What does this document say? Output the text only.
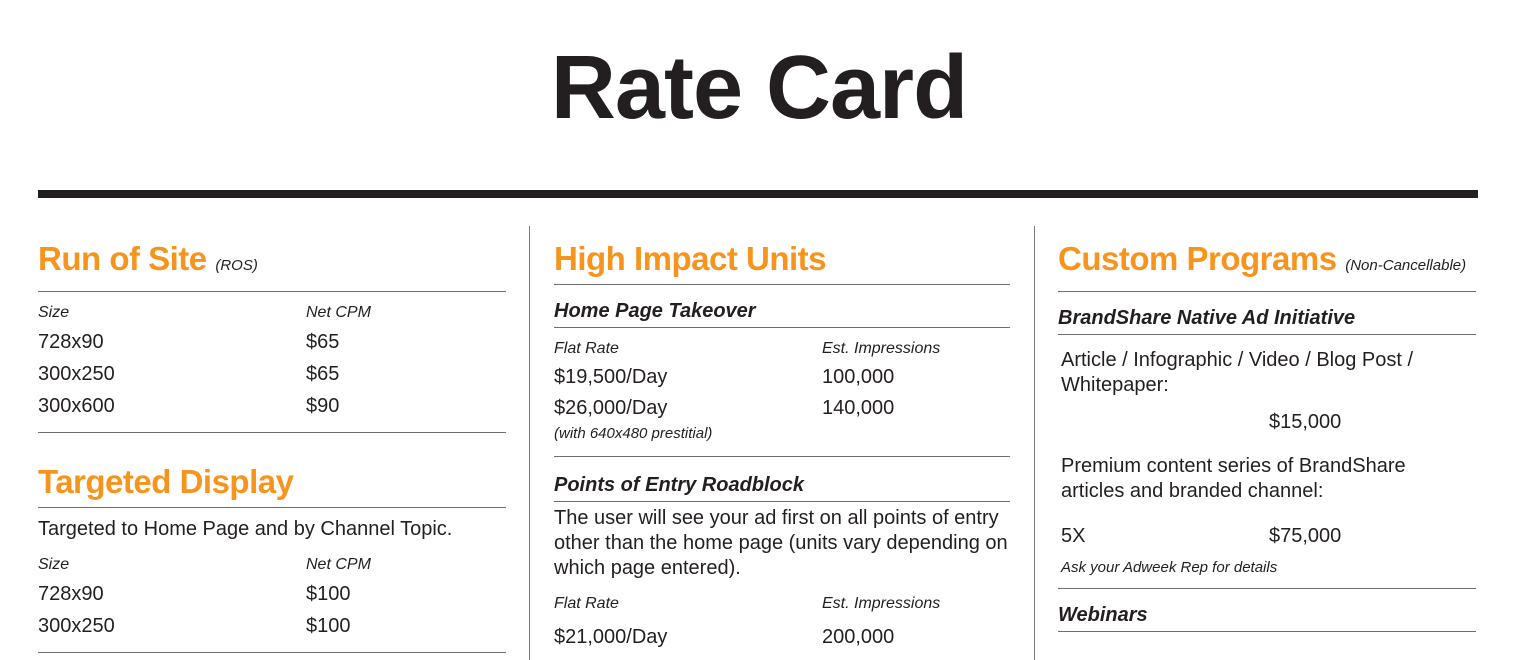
Rate Card
Run of Site (ROS)
Size	Net CPM
728x90	$65
300x250	$65
300x600	$90
Targeted Display
Targeted to Home Page and by Channel Topic.
Size	Net CPM
728x90	$100
300x250	$100
High Impact Units
Home Page Takeover
Flat Rate	Est. Impressions
$19,500/Day	100,000
$26,000/Day	140,000
(with 640x480 prestitial)
Points of Entry Roadblock
The user will see your ad first on all points of entry other than the home page (units vary depending on which page entered).
Flat Rate	Est. Impressions
$21,000/Day	200,000
Custom Programs (Non-Cancellable)
BrandShare Native Ad Initiative
Article / Infographic / Video / Blog Post / Whitepaper:
$15,000
Premium content series of BrandShare articles and branded channel:
5X	$75,000
Ask your Adweek Rep for details
Webinars
